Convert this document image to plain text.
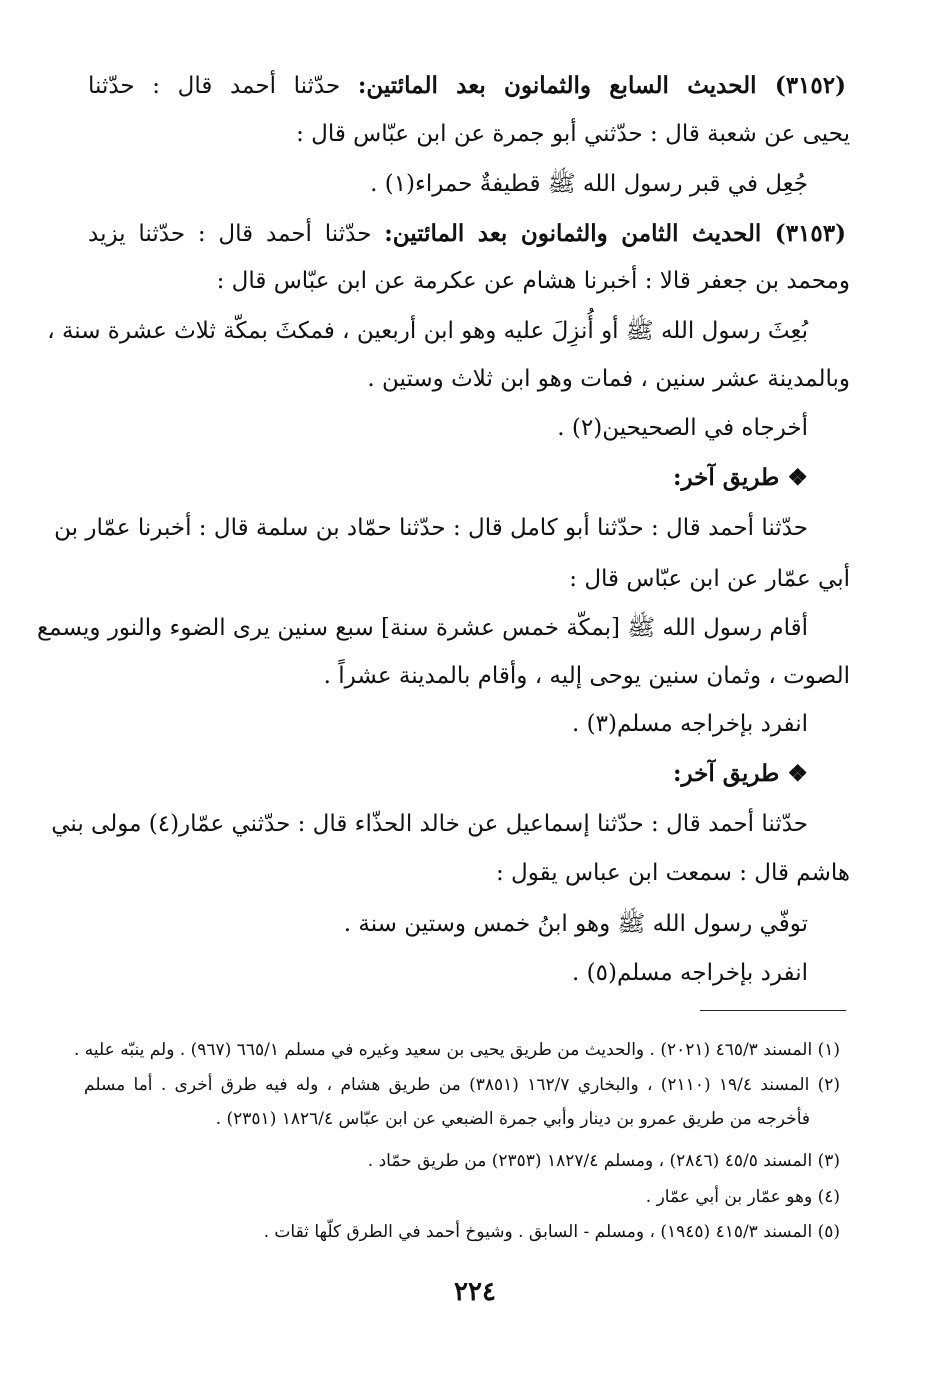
(٣١٥٢) الحديث السابع والثمانون بعد المائتين: حدّثنا أحمد قال : حدّثنا
يحيى عن شعبة قال : حدّثني أبو جمرة عن ابن عبّاس قال :
جُعِل في قبر رسول الله ﷺ قطيفةٌ حمراء(١) .
(٣١٥٣) الحديث الثامن والثمانون بعد المائتين: حدّثنا أحمد قال : حدّثنا يزيد
ومحمد بن جعفر قالا : أخبرنا هشام عن عكرمة عن ابن عبّاس قال :
بُعِثَ رسول الله ﷺ أو أُنزِلَ عليه وهو ابن أربعين ، فمكثَ بمكّة ثلاث عشرة سنة ،
وبالمدينة عشر سنين ، فمات وهو ابن ثلاث وستين .
أخرجاه في الصحيحين(٢) .
❖ طريق آخر:
حدّثنا أحمد قال : حدّثنا أبو كامل قال : حدّثنا حمّاد بن سلمة قال : أخبرنا عمّار بن
أبي عمّار عن ابن عبّاس قال :
أقام رسول الله ﷺ [بمكّة خمس عشرة سنة] سبع سنين يرى الضوء والنور ويسمع
الصوت ، وثمان سنين يوحى إليه ، وأقام بالمدينة عشراً .
انفرد بإخراجه مسلم(٣) .
❖ طريق آخر:
حدّثنا أحمد قال : حدّثنا إسماعيل عن خالد الحذّاء قال : حدّثني عمّار(٤) مولى بني
هاشم قال : سمعت ابن عباس يقول :
توفّي رسول الله ﷺ وهو ابنُ خمس وستين سنة .
انفرد بإخراجه مسلم(٥) .
(١) المسند ٤٦٥/٣ (٢٠٢١) . والحديث من طريق يحيى بن سعيد وغيره في مسلم ٦٦٥/١ (٩٦٧) . ولم ينبّه عليه .
(٢) المسند ١٩/٤ (٢١١٠) ، والبخاري ١٦٢/٧ (٣٨٥١) من طريق هشام ، وله فيه طرق أخرى . أما مسلم
فأخرجه من طريق عمرو بن دينار وأبي جمرة الضبعي عن ابن عبّاس ١٨٢٦/٤ (٢٣٥١) .
(٣) المسند ٤٥/٥ (٢٨٤٦) ، ومسلم ١٨٢٧/٤ (٢٣٥٣) من طريق حمّاد .
(٤) وهو عمّار بن أبي عمّار .
(٥) المسند ٤١٥/٣ (١٩٤٥) ، ومسلم - السابق . وشيوخ أحمد في الطرق كلّها ثقات .
٢٢٤
